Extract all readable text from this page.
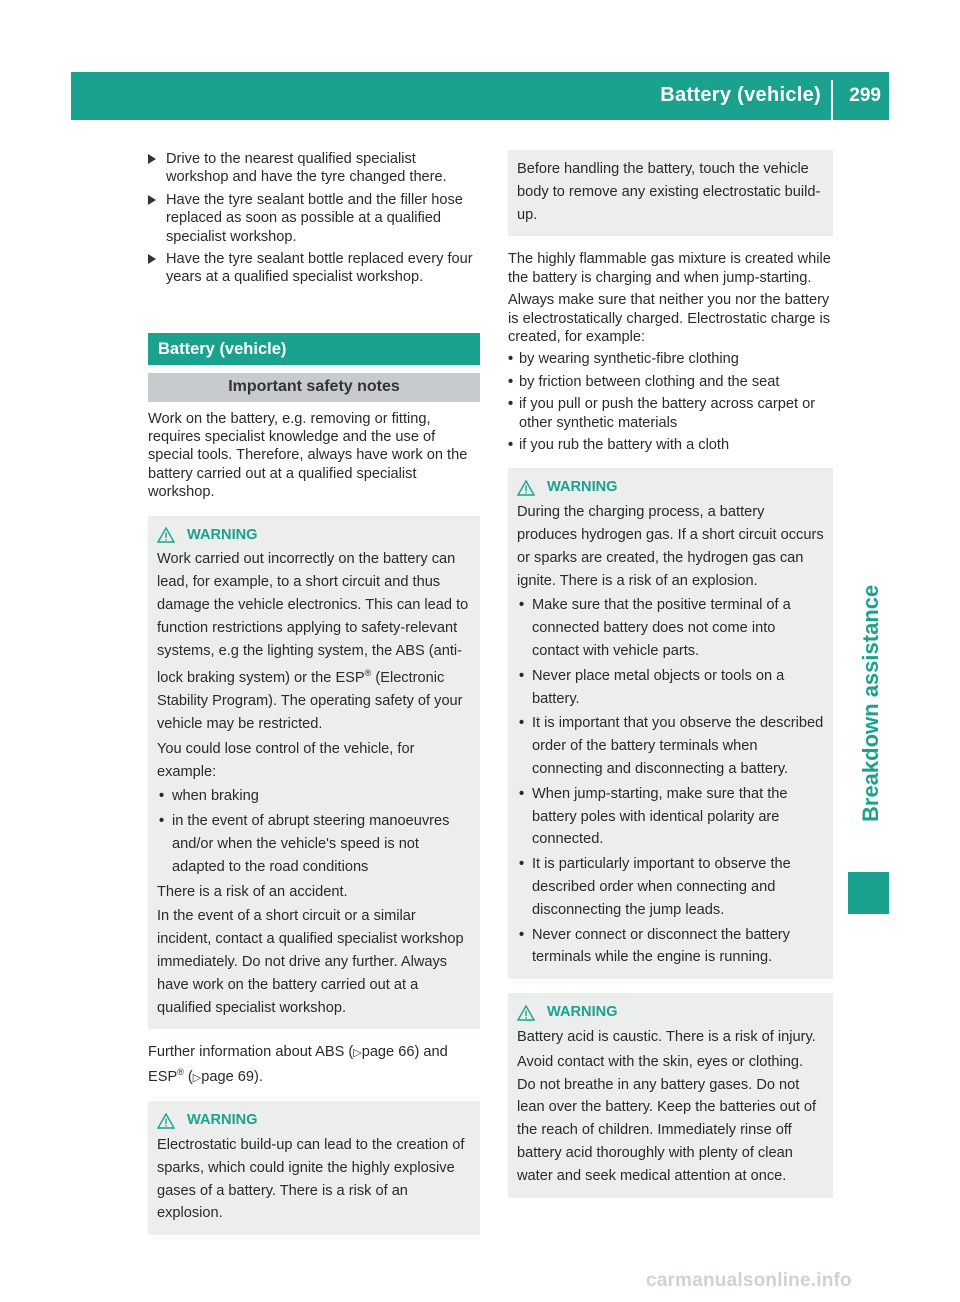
Battery (vehicle) 299
Breakdown assistance
Drive to the nearest qualified specialist workshop and have the tyre changed there.
Have the tyre sealant bottle and the filler hose replaced as soon as possible at a qualified specialist workshop.
Have the tyre sealant bottle replaced every four years at a qualified specialist workshop.
Battery (vehicle)
Important safety notes

Work on the battery, e.g. removing or fitting, requires specialist knowledge and the use of special tools. Therefore, always have work on the battery carried out at a qualified specialist workshop.

WARNING

Work carried out incorrectly on the battery can lead, for example, to a short circuit and thus damage the vehicle electronics. This can lead to function restrictions applying to safety-relevant systems, e.g the lighting system, the ABS (anti-lock braking system) or the ESP® (Electronic Stability Program). The operating safety of your vehicle may be restricted.

You could lose control of the vehicle, for example:

• when braking
• in the event of abrupt steering manoeuvres and/or when the vehicle's speed is not adapted to the road conditions

There is a risk of an accident.

In the event of a short circuit or a similar incident, contact a qualified specialist workshop immediately. Do not drive any further. Always have work on the battery carried out at a qualified specialist workshop.

Further information about ABS (▷page 66) and ESP® (▷page 69).

WARNING

Electrostatic build-up can lead to the creation of sparks, which could ignite the highly explosive gases of a battery. There is a risk of an explosion.

Before handling the battery, touch the vehicle body to remove any existing electrostatic build-up.

The highly flammable gas mixture is created while the battery is charging and when jump-starting.

Always make sure that neither you nor the battery is electrostatically charged. Electrostatic charge is created, for example:

• by wearing synthetic-fibre clothing
• by friction between clothing and the seat
• if you pull or push the battery across carpet or other synthetic materials
• if you rub the battery with a cloth
WARNING

During the charging process, a battery produces hydrogen gas. If a short circuit occurs or sparks are created, the hydrogen gas can ignite. There is a risk of an explosion.

• Make sure that the positive terminal of a connected battery does not come into contact with vehicle parts.
• Never place metal objects or tools on a battery.
• It is important that you observe the described order of the battery terminals when connecting and disconnecting a battery.
• When jump-starting, make sure that the battery poles with identical polarity are connected.
• It is particularly important to observe the described order when connecting and disconnecting the jump leads.
• Never connect or disconnect the battery terminals while the engine is running.
WARNING

Battery acid is caustic. There is a risk of injury.

Avoid contact with the skin, eyes or clothing. Do not breathe in any battery gases. Do not lean over the battery. Keep the batteries out of the reach of children. Immediately rinse off battery acid thoroughly with plenty of clean water and seek medical attention at once.

carmanualsonline.info
